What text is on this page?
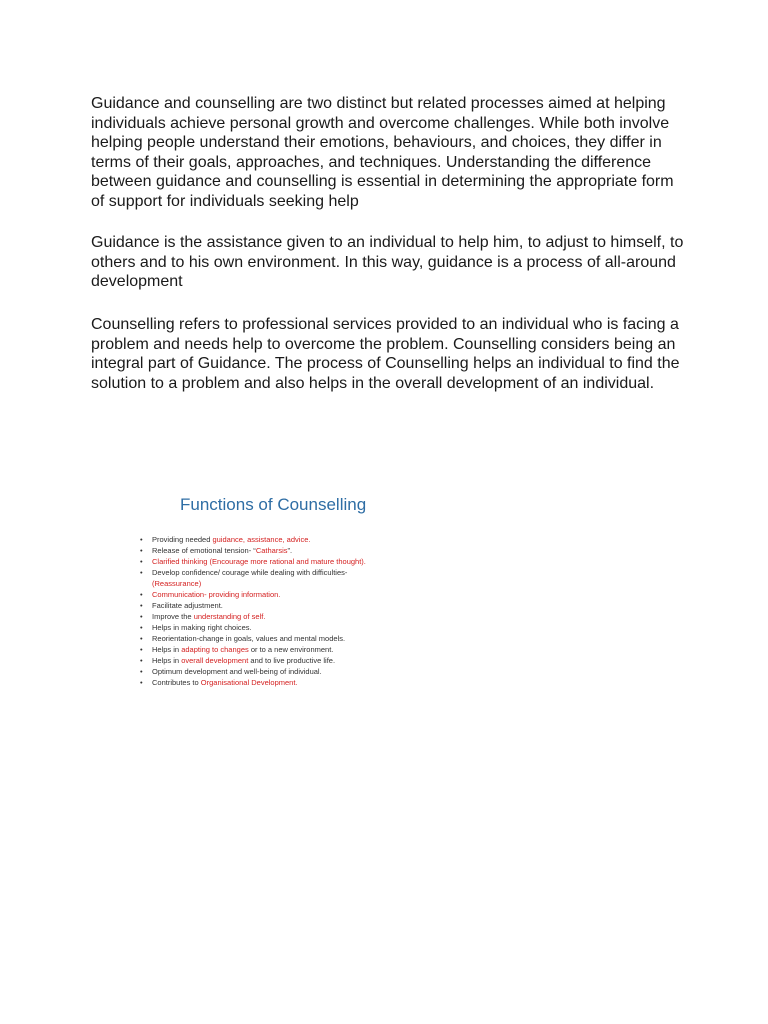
Guidance and counselling are two distinct but related processes aimed at helping individuals achieve personal growth and overcome challenges. While both involve helping people understand their emotions, behaviours, and choices, they differ in terms of their goals, approaches, and techniques. Understanding the difference between guidance and counselling is essential in determining the appropriate form of support for individuals seeking help

Guidance is the assistance given to an individual to help him, to adjust to himself, to others and to his own environment. In this way, guidance is a process of all-around development

Counselling refers to professional services provided to an individual who is facing a problem and needs help to overcome the problem. Counselling considers being an integral part of Guidance. The process of Counselling helps an individual to find the solution to a problem and also helps in the overall development of an individual.

Functions of Counselling
• Providing needed guidance, assistance, advice.
• Release of emotional tension- “Catharsis”.
• Clarified thinking (Encourage more rational and mature thought).
• Develop confidence/ courage while dealing with difficulties-
(Reassurance)
• Communication- providing information.
• Facilitate adjustment.
• Improve the understanding of self.
• Helps in making right choices.
• Reorientation-change in goals, values and mental models.
• Helps in adapting to changes or to a new environment.
• Helps in overall development and to live productive life.
• Optimum development and well-being of individual.
• Contributes to Organisational Development.
